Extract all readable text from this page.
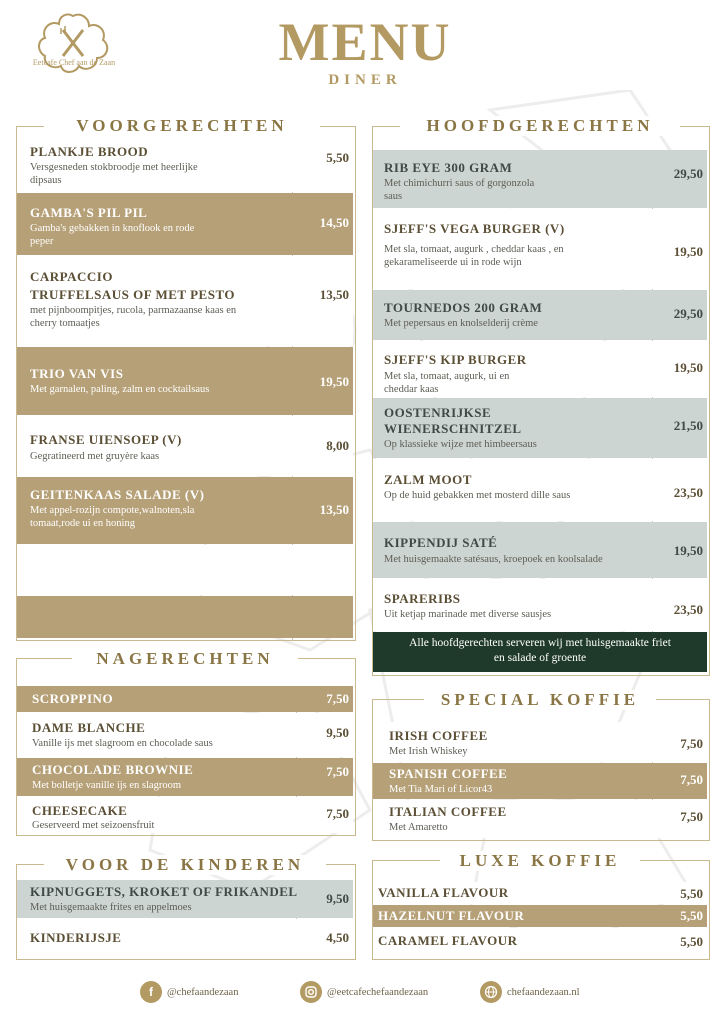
Eetcafe Chef aan de Zaan	MENU
DINER
VOORGERECHTEN
PLANKJE BROOD
Versgesneden stokbroodje met heerlijke dipsaus
5,50
GAMBA'S PIL PIL
Gamba's gebakken in knoflook en rode peper
14,50
CARPACCIO
TRUFFELSAUS OF MET PESTO
met pijnboompitjes, rucola, parmazaanse kaas en cherry tomaatjes
13,50
TRIO VAN VIS
Met garnalen, paling, zalm en cocktailsaus
19,50
FRANSE UIENSOEP (V)
Gegratineerd met gruyère kaas
8,00
GEITENKAAS SALADE (V)
Met appel-rozijn compote,walnoten,sla tomaat,rode ui en honing
13,50
HOOFDGERECHTEN
RIB EYE 300 GRAM
Met chimichurri saus of gorgonzola saus
29,50
SJEFF'S VEGA BURGER (V)
Met sla, tomaat, augurk , cheddar kaas , en gekarameliseerde ui in rode wijn
19,50
TOURNEDOS 200 GRAM
Met pepersaus en knolselderij crème
29,50
SJEFF'S KIP BURGER
Met sla, tomaat, augurk, ui en cheddar kaas
19,50
OOSTENRIJKSE WIENERSCHNITZEL
Op klassieke wijze met himbeersaus
21,50
ZALM MOOT
Op de huid gebakken met mosterd dille saus	23,50
KIPPENDIJ SATÉ
Met huisgemaakte satésaus, kroepoek en koolsalade
19,50
SPARERIBS
Uit ketjap marinade met diverse sausjes	23,50
Alle hoofdgerechten serveren wij met huisgemaakte friet en salade of groente
NAGERECHTEN
SCROPPINO	7,50
DAME BLANCHE
Vanille ijs met slagroom en chocolade saus
9,50
CHOCOLADE BROWNIE
Met bolletje vanille ijs en slagroom
7,50
CHEESECAKE
Geserveerd met seizoensfruit
7,50
VOOR DE KINDEREN
KIPNUGGETS, KROKET OF FRIKANDEL
Met huisgemaakte frites en appelmoes
9,50
KINDERIJSJE	4,50
SPECIAL KOFFIE
IRISH COFFEE
Met Irish Whiskey
7,50
SPANISH COFFEE
Met Tia Mari of Licor43
7,50
ITALIAN COFFEE
Met Amaretto
7,50
LUXE KOFFIE
VANILLA FLAVOUR	5,50
HAZELNUT FLAVOUR	5,50
CARAMEL FLAVOUR	5,50
f	@chefaandezaan	@eetcafechefaandezaan	chefaandezaan.nl
